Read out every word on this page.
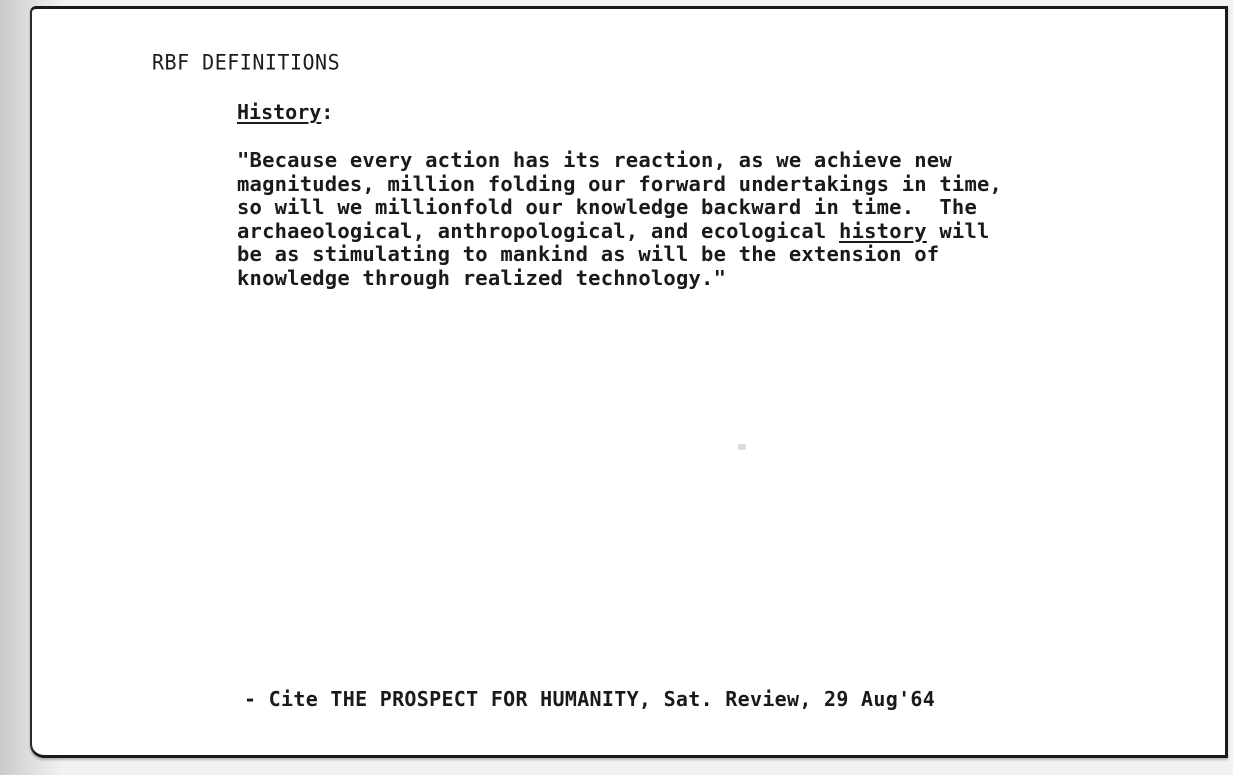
RBF DEFINITIONS
History:
"Because every action has its reaction, as we achieve new
magnitudes, million folding our forward undertakings in time,
so will we millionfold our knowledge backward in time.  The
archaeological, anthropological, and ecological history will
be as stimulating to mankind as will be the extension of
knowledge through realized technology."
- Cite THE PROSPECT FOR HUMANITY, Sat. Review, 29 Aug'64
